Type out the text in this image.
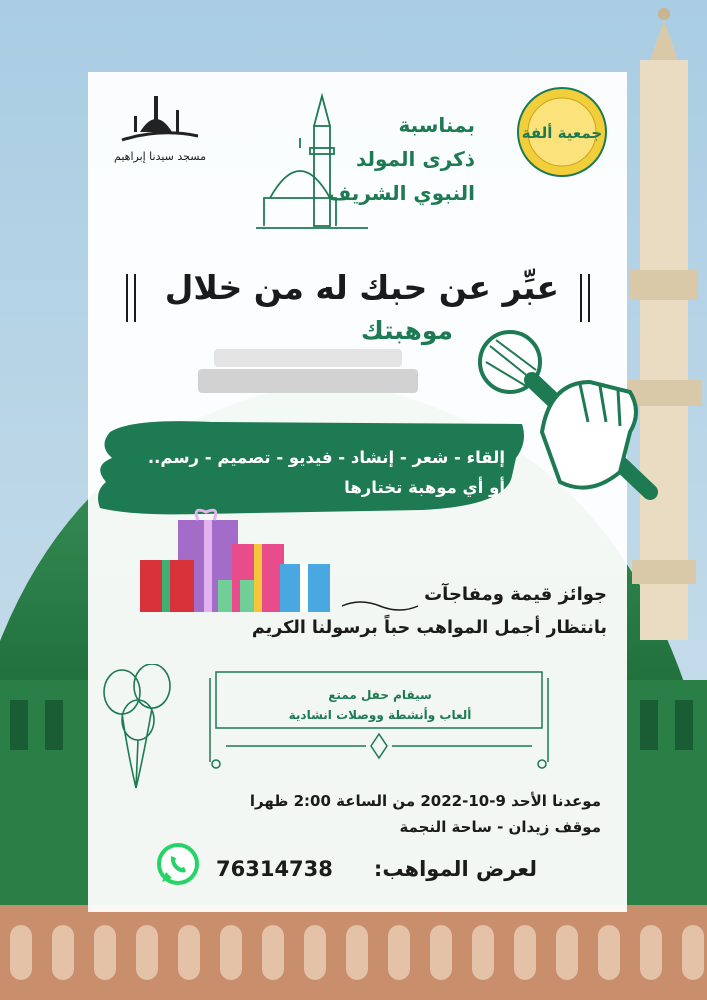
جمعية ألفة
مسجد سيدنا إبراهيم
بمناسبة
ذكرى المولد
النبوي الشريف
عبِّر عن حبك له من خلال
موهبتك
إلقاء - شعر - إنشاد - فيديو - تصميم - رسم..
أو أي موهبة تختارها
جوائز قيمة ومفاجآت
بانتظار أجمل المواهب حباً برسولنا الكريم
سيقام حفل ممتع
ألعاب وأنشطة ووصلات انشادية
موعدنا الأحد 9-10-2022 من الساعة 2:00 ظهرا
موقف زيدان - ساحة النجمة
لعرض المواهب:
76314738
